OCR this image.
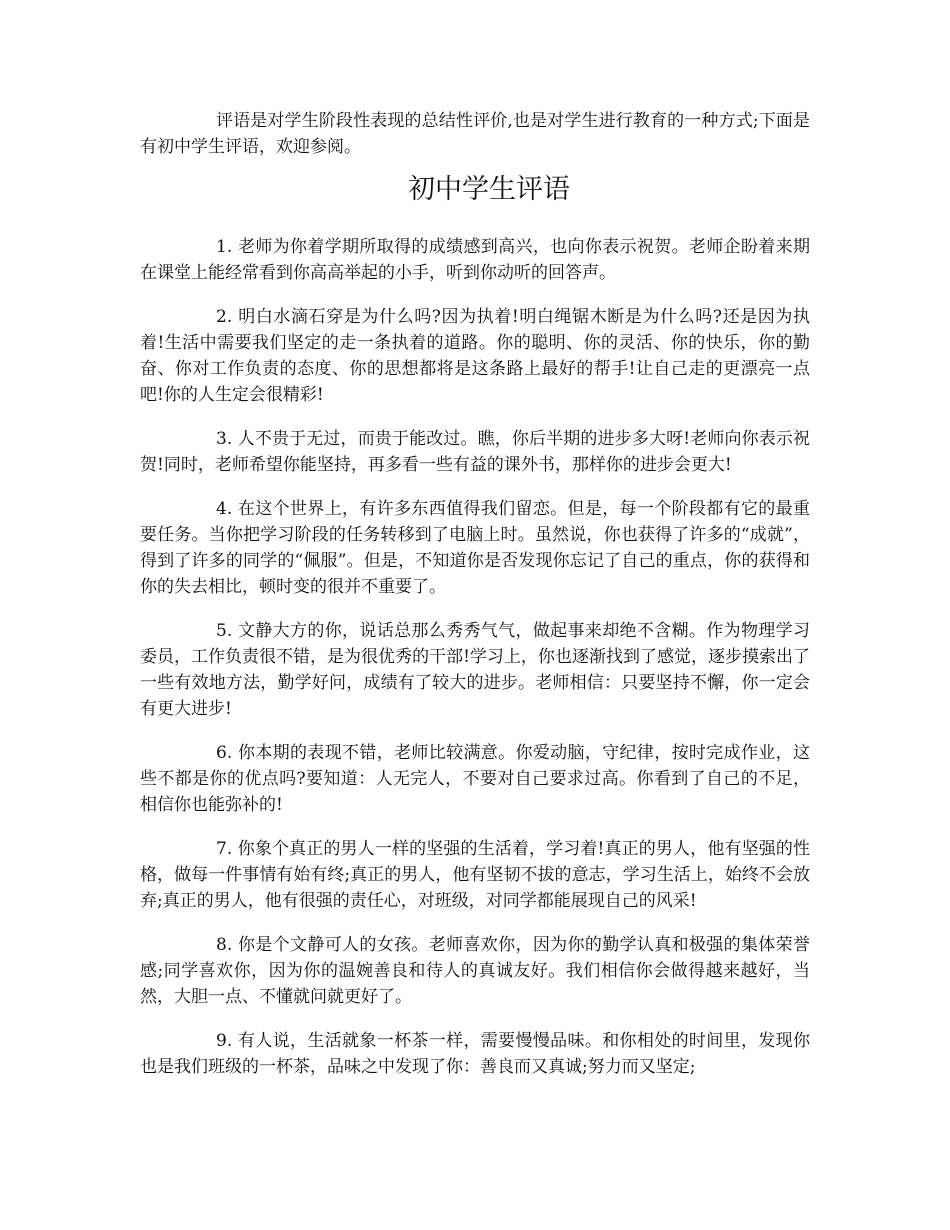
评语是对学生阶段性表现的总结性评价,也是对学生进行教育的一种方式;下面是有初中学生评语，欢迎参阅。

初中学生评语

1. 老师为你着学期所取得的成绩感到高兴，也向你表示祝贺。老师企盼着来期在课堂上能经常看到你高高举起的小手，听到你动听的回答声。

2. 明白水滴石穿是为什么吗?因为执着!明白绳锯木断是为什么吗?还是因为执着!生活中需要我们坚定的走一条执着的道路。你的聪明、你的灵活、你的快乐，你的勤奋、你对工作负责的态度、你的思想都将是这条路上最好的帮手!让自己走的更漂亮一点吧!你的人生定会很精彩!

3. 人不贵于无过，而贵于能改过。瞧，你后半期的进步多大呀!老师向你表示祝贺!同时，老师希望你能坚持，再多看一些有益的课外书，那样你的进步会更大!

4. 在这个世界上，有许多东西值得我们留恋。但是，每一个阶段都有它的最重要任务。当你把学习阶段的任务转移到了电脑上时。虽然说，你也获得了许多的“成就”，得到了许多的同学的“佩服”。但是，不知道你是否发现你忘记了自己的重点，你的获得和你的失去相比，顿时变的很并不重要了。

5. 文静大方的你，说话总那么秀秀气气，做起事来却绝不含糊。作为物理学习委员，工作负责很不错，是为很优秀的干部!学习上，你也逐渐找到了感觉，逐步摸索出了一些有效地方法，勤学好问，成绩有了较大的进步。老师相信：只要坚持不懈，你一定会有更大进步!

6. 你本期的表现不错，老师比较满意。你爱动脑，守纪律，按时完成作业，这些不都是你的优点吗?要知道：人无完人，不要对自己要求过高。你看到了自己的不足，相信你也能弥补的!

7. 你象个真正的男人一样的坚强的生活着，学习着!真正的男人，他有坚强的性格，做每一件事情有始有终;真正的男人，他有坚韧不拔的意志，学习生活上，始终不会放弃;真正的男人，他有很强的责任心，对班级，对同学都能展现自己的风采!

8. 你是个文静可人的女孩。老师喜欢你，因为你的勤学认真和极强的集体荣誉感;同学喜欢你，因为你的温婉善良和待人的真诚友好。我们相信你会做得越来越好，当然，大胆一点、不懂就问就更好了。

9. 有人说，生活就象一杯茶一样，需要慢慢品味。和你相处的时间里，发现你也是我们班级的一杯茶，品味之中发现了你：善良而又真诚;努力而又坚定;
